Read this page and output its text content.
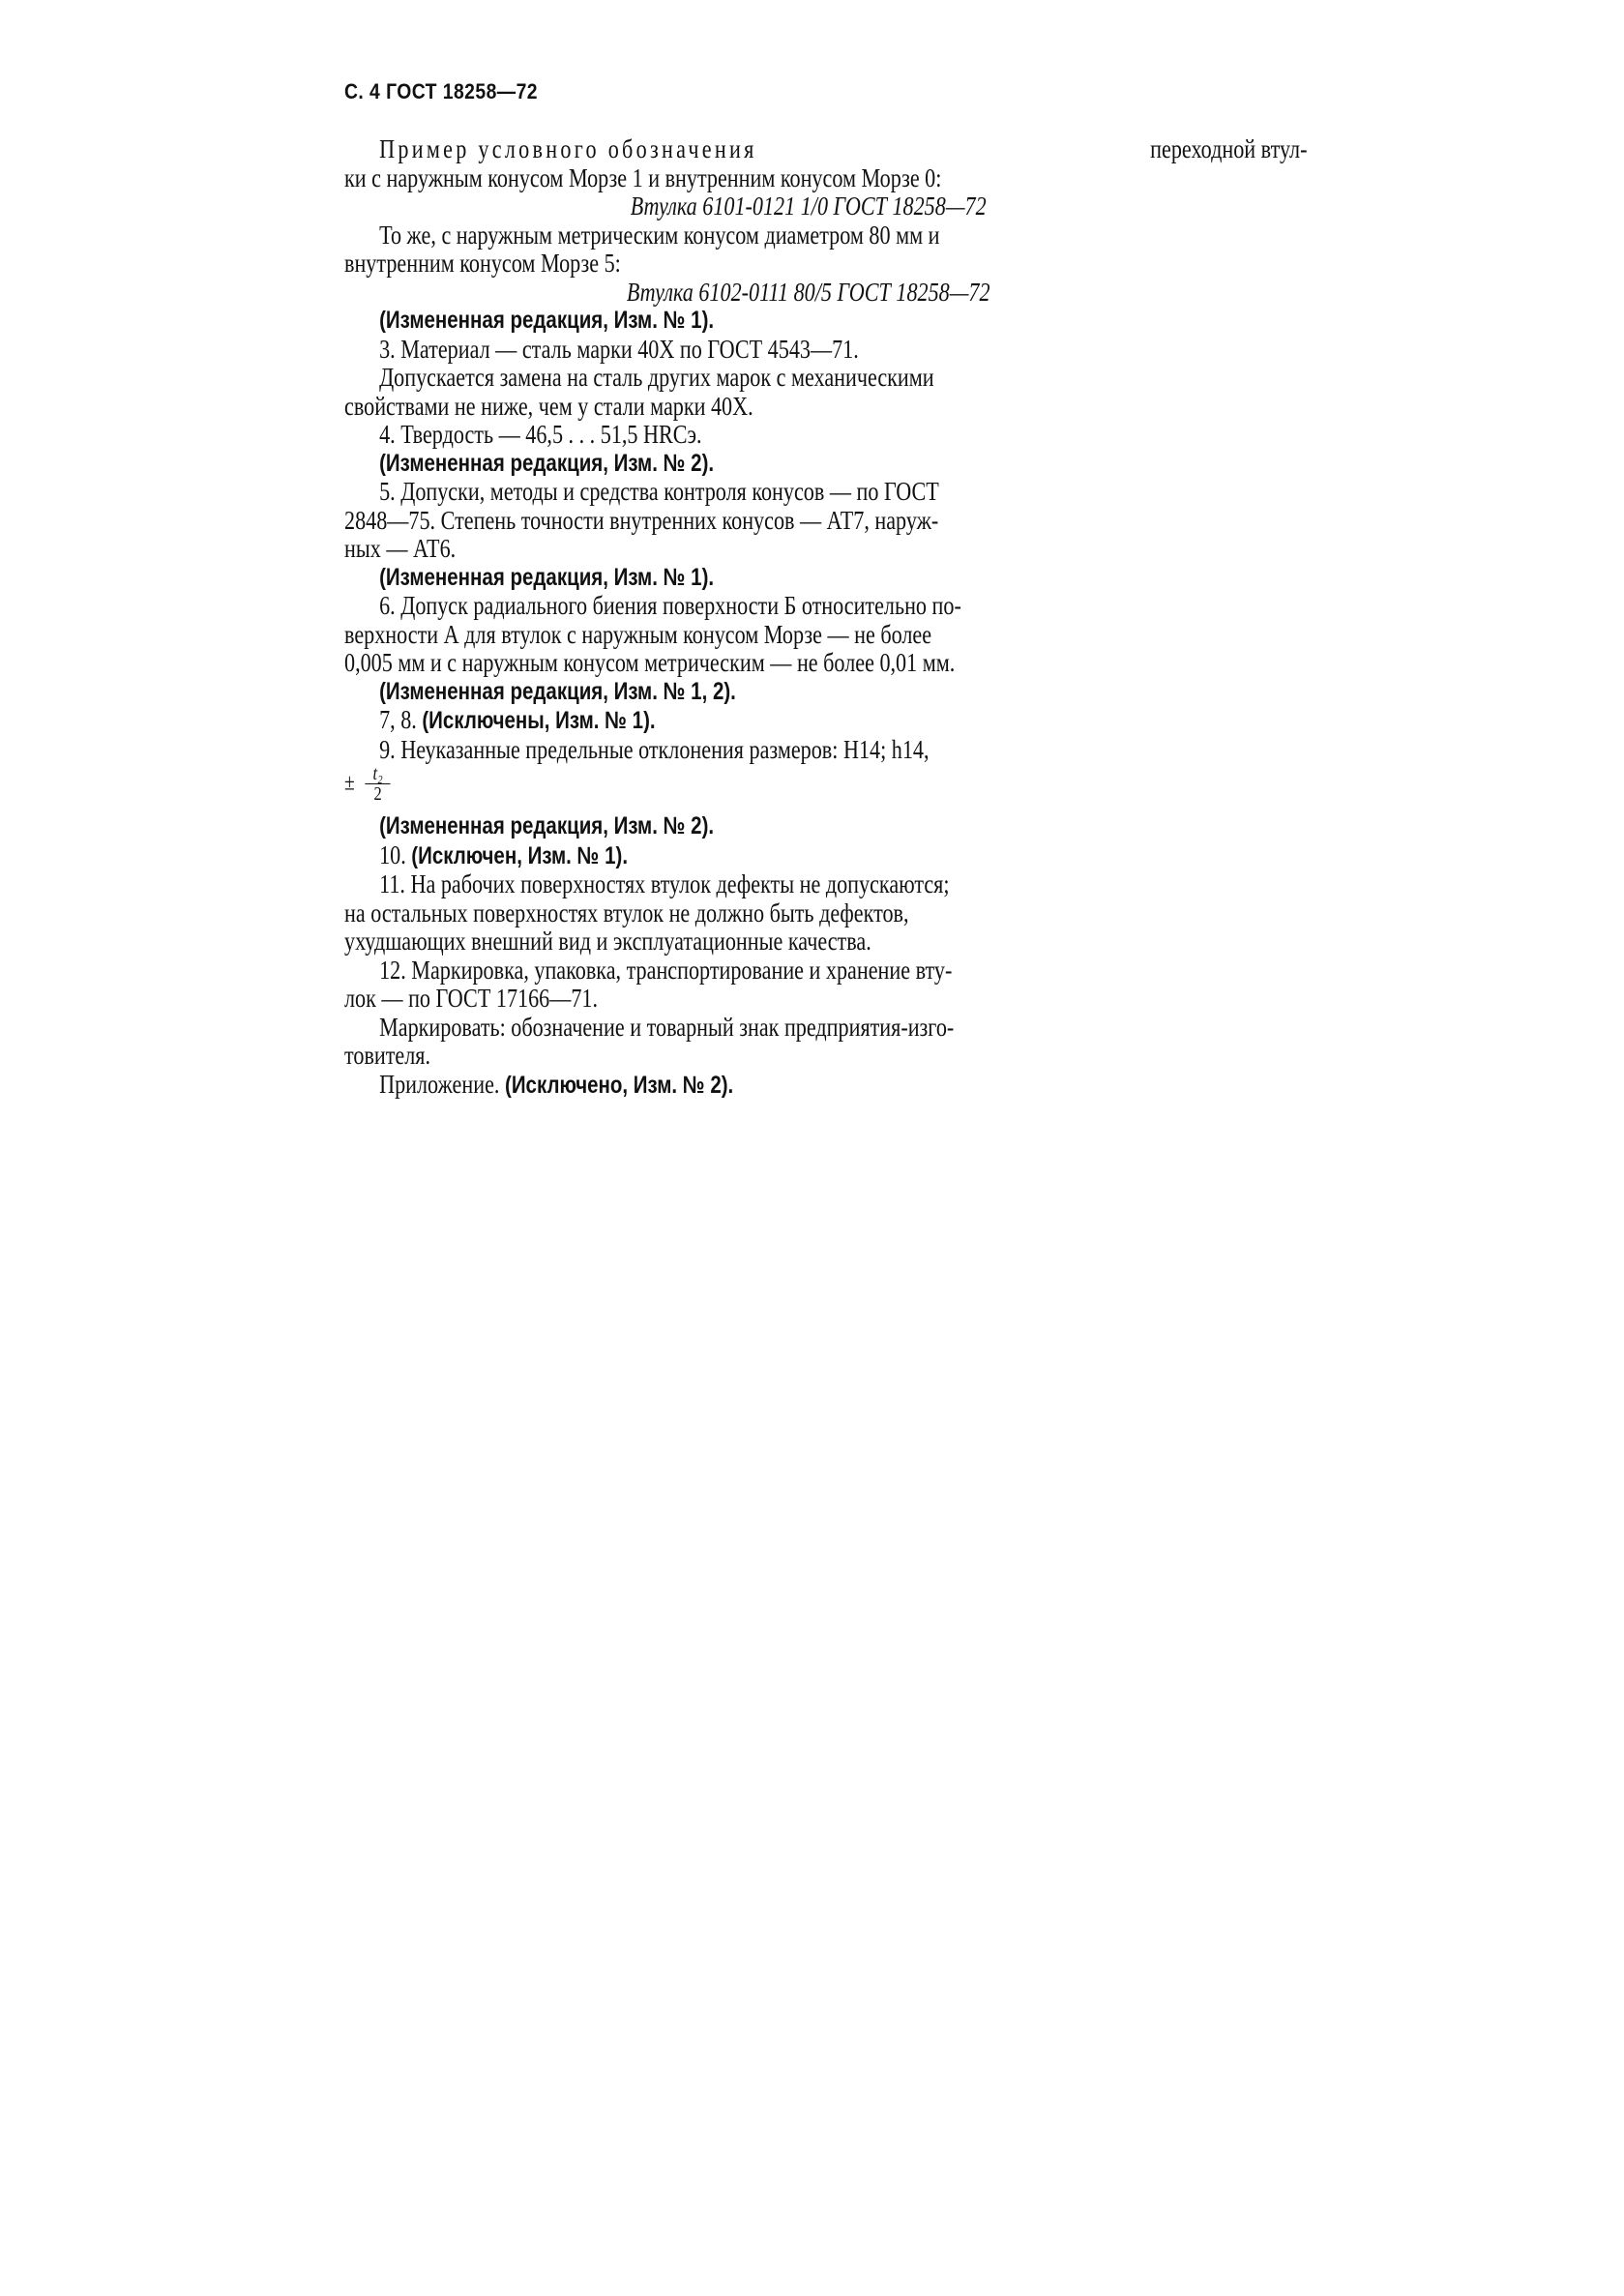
С. 4 ГОСТ 18258—72
Пример условного обозначения	переходной втул-
ки с наружным конусом Морзе 1 и внутренним конусом Морзе 0:
Втулка 6101-0121 1/0 ГОСТ 18258—72
То же, с наружным метрическим конусом диаметром 80 мм и
внутренним конусом Морзе 5:
Втулка 6102-0111 80/5 ГОСТ 18258—72
(Измененная редакция, Изм. № 1).
3. Материал — сталь марки 40X по ГОСТ 4543—71.
Допускается замена на сталь других марок с механическими
свойствами не ниже, чем у стали марки 40X.
4. Твердость — 46,5 . . . 51,5 HRCэ.
(Измененная редакция, Изм. № 2).
5. Допуски, методы и средства контроля конусов — по ГОСТ
2848—75. Степень точности внутренних конусов — АТ7, наруж-
ных — АТ6.
(Измененная редакция, Изм. № 1).
6. Допуск радиального биения поверхности Б относительно по-
верхности А для втулок с наружным конусом Морзе — не более
0,005 мм и с наружным конусом метрическим — не более 0,01 мм.
(Измененная редакция, Изм. № 1, 2).
7, 8. (Исключены, Изм. № 1).
9. Неуказанные предельные отклонения размеров: H14; h14,
± $\frac{\text{t₂}}{2}$
(Измененная редакция, Изм. № 2).
10. (Исключен, Изм. № 1).
11. На рабочих поверхностях втулок дефекты не допускаются;
на остальных поверхностях втулок не должно быть дефектов,
ухудшающих внешний вид и эксплуатационные качества.
12. Маркировка, упаковка, транспортирование и хранение вту-
лок — по ГОСТ 17166—71.
Маркировать: обозначение и товарный знак предприятия-изго-
товителя.
Приложение. (Исключено, Изм. № 2).
